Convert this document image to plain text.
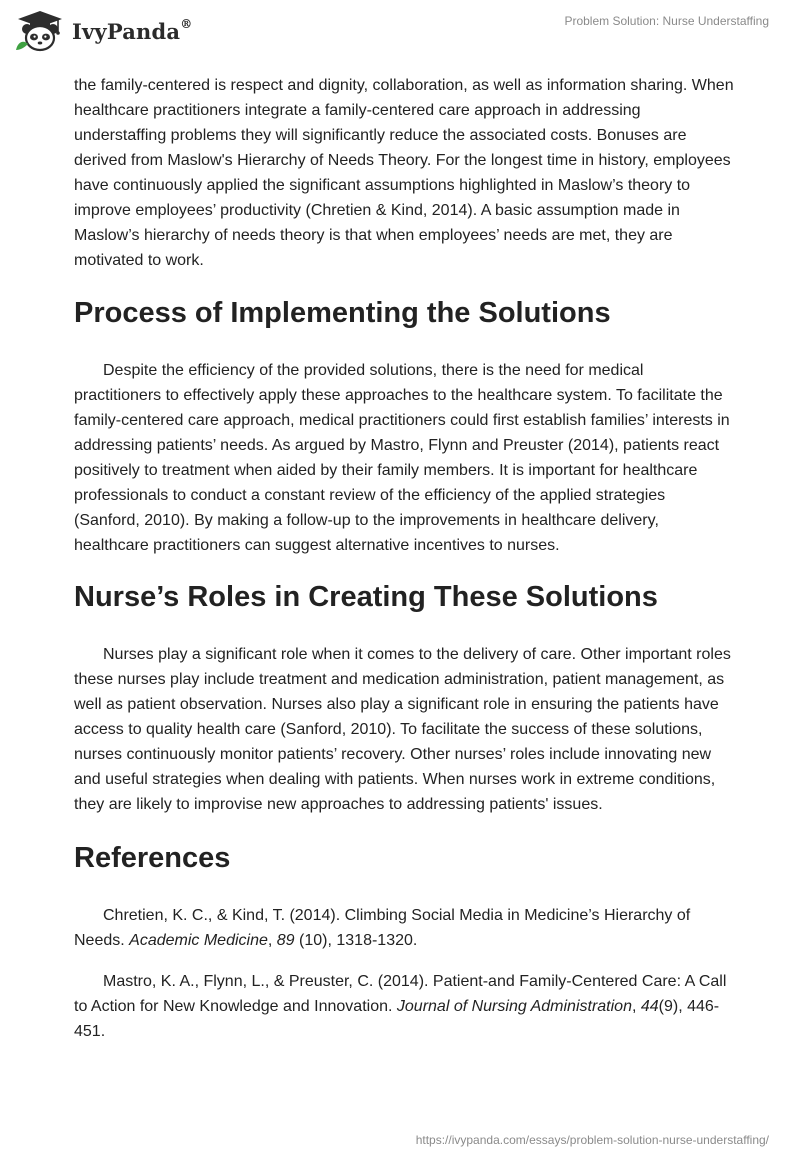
IvyPanda®	Problem Solution: Nurse Understaffing

the family-centered is respect and dignity, collaboration, as well as information sharing. When healthcare practitioners integrate a family-centered care approach in addressing understaffing problems they will significantly reduce the associated costs. Bonuses are derived from Maslow's Hierarchy of Needs Theory. For the longest time in history, employees have continuously applied the significant assumptions highlighted in Maslow’s theory to improve employees’ productivity (Chretien & Kind, 2014). A basic assumption made in Maslow’s hierarchy of needs theory is that when employees’ needs are met, they are motivated to work.

Process of Implementing the Solutions

Despite the efficiency of the provided solutions, there is the need for medical practitioners to effectively apply these approaches to the healthcare system. To facilitate the family-centered care approach, medical practitioners could first establish families’ interests in addressing patients’ needs. As argued by Mastro, Flynn and Preuster (2014), patients react positively to treatment when aided by their family members. It is important for healthcare professionals to conduct a constant review of the efficiency of the applied strategies (Sanford, 2010). By making a follow-up to the improvements in healthcare delivery, healthcare practitioners can suggest alternative incentives to nurses.

Nurse’s Roles in Creating These Solutions

Nurses play a significant role when it comes to the delivery of care. Other important roles these nurses play include treatment and medication administration, patient management, as well as patient observation. Nurses also play a significant role in ensuring the patients have access to quality health care (Sanford, 2010). To facilitate the success of these solutions, nurses continuously monitor patients’ recovery. Other nurses’ roles include innovating new and useful strategies when dealing with patients. When nurses work in extreme conditions, they are likely to improvise new approaches to addressing patients' issues.

References

Chretien, K. C., & Kind, T. (2014). Climbing Social Media in Medicine’s Hierarchy of Needs. Academic Medicine, 89 (10), 1318-1320.

Mastro, K. A., Flynn, L., & Preuster, C. (2014). Patient-and Family-Centered Care: A Call to Action for New Knowledge and Innovation. Journal of Nursing Administration, 44(9), 446-451.

https://ivypanda.com/essays/problem-solution-nurse-understaffing/
